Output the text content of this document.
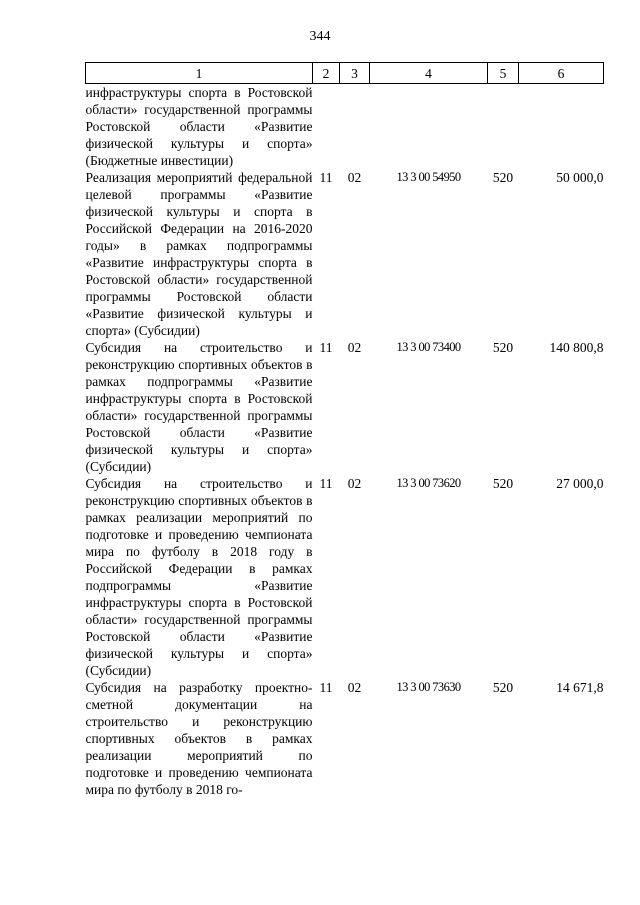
344
1	2	3	4	5	6
инфраструктуры спорта в Ростовской области» государственной программы Ростовской области «Развитие физической культуры и спорта» (Бюджетные инвестиции)					
Реализация мероприятий федеральной целевой программы «Развитие физической культуры и спорта в Российской Федерации на 2016-2020 годы» в рамках подпрограммы «Развитие инфраструктуры спорта в Ростовской области» государственной программы Ростовской области «Развитие физической культуры и спорта» (Субсидии)	11	02	13 3 00 54950	520	50 000,0
Субсидия на строительство и реконструкцию спортивных объектов в рамках подпрограммы «Развитие инфраструктуры спорта в Ростовской области» государственной программы Ростовской области «Развитие физической культуры и спорта» (Субсидии)	11	02	13 3 00 73400	520	140 800,8
Субсидия на строительство и реконструкцию спортивных объектов в рамках реализации мероприятий по подготовке и проведению чемпионата мира по футболу в 2018 году в Российской Федерации в рамках подпрограммы «Развитие инфраструктуры спорта в Ростовской области» государственной программы Ростовской области «Развитие физической культуры и спорта» (Субсидии)	11	02	13 3 00 73620	520	27 000,0
Субсидия на разработку проектно-сметной документации на строительство и реконструкцию спортивных объектов в рамках реализации мероприятий по подготовке и проведению чемпионата мира по футболу в 2018 го-	11	02	13 3 00 73630	520	14 671,8
